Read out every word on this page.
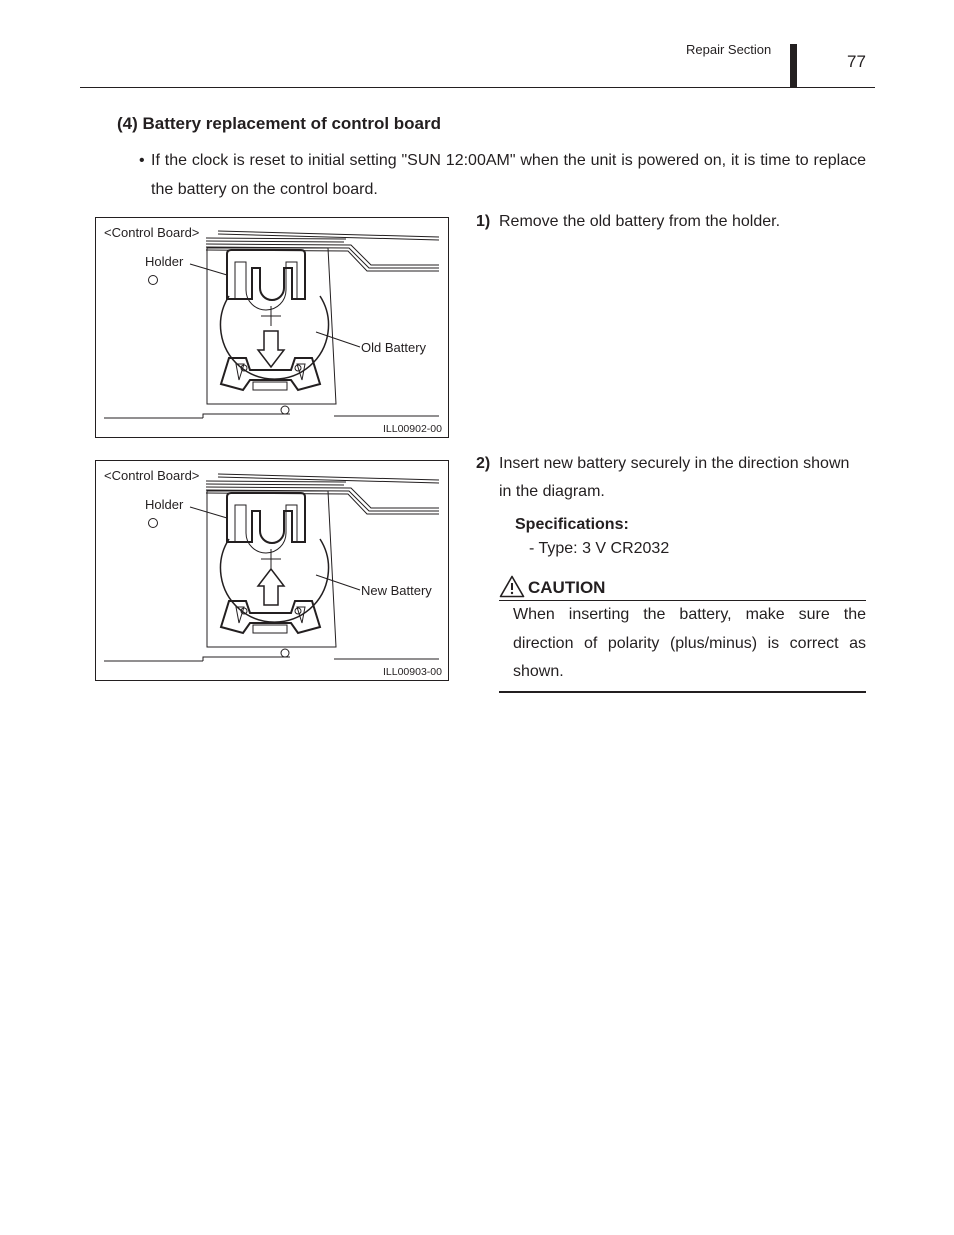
Repair Section
77
(4) Battery replacement of control board
• If the clock is reset to initial setting "SUN 12:00AM" when the unit is powered on, it is time to replace the battery on the control board.
<Control Board>
Holder
Old Battery
ILL00902-00
<Control Board>
Holder
New Battery
ILL00903-00
1) Remove the old battery from the holder.
2) Insert new battery securely in the direction shown in the diagram.
Specifications:
- Type: 3 V CR2032
CAUTION
When inserting the battery, make sure the direction of polarity (plus/minus) is correct as shown.
